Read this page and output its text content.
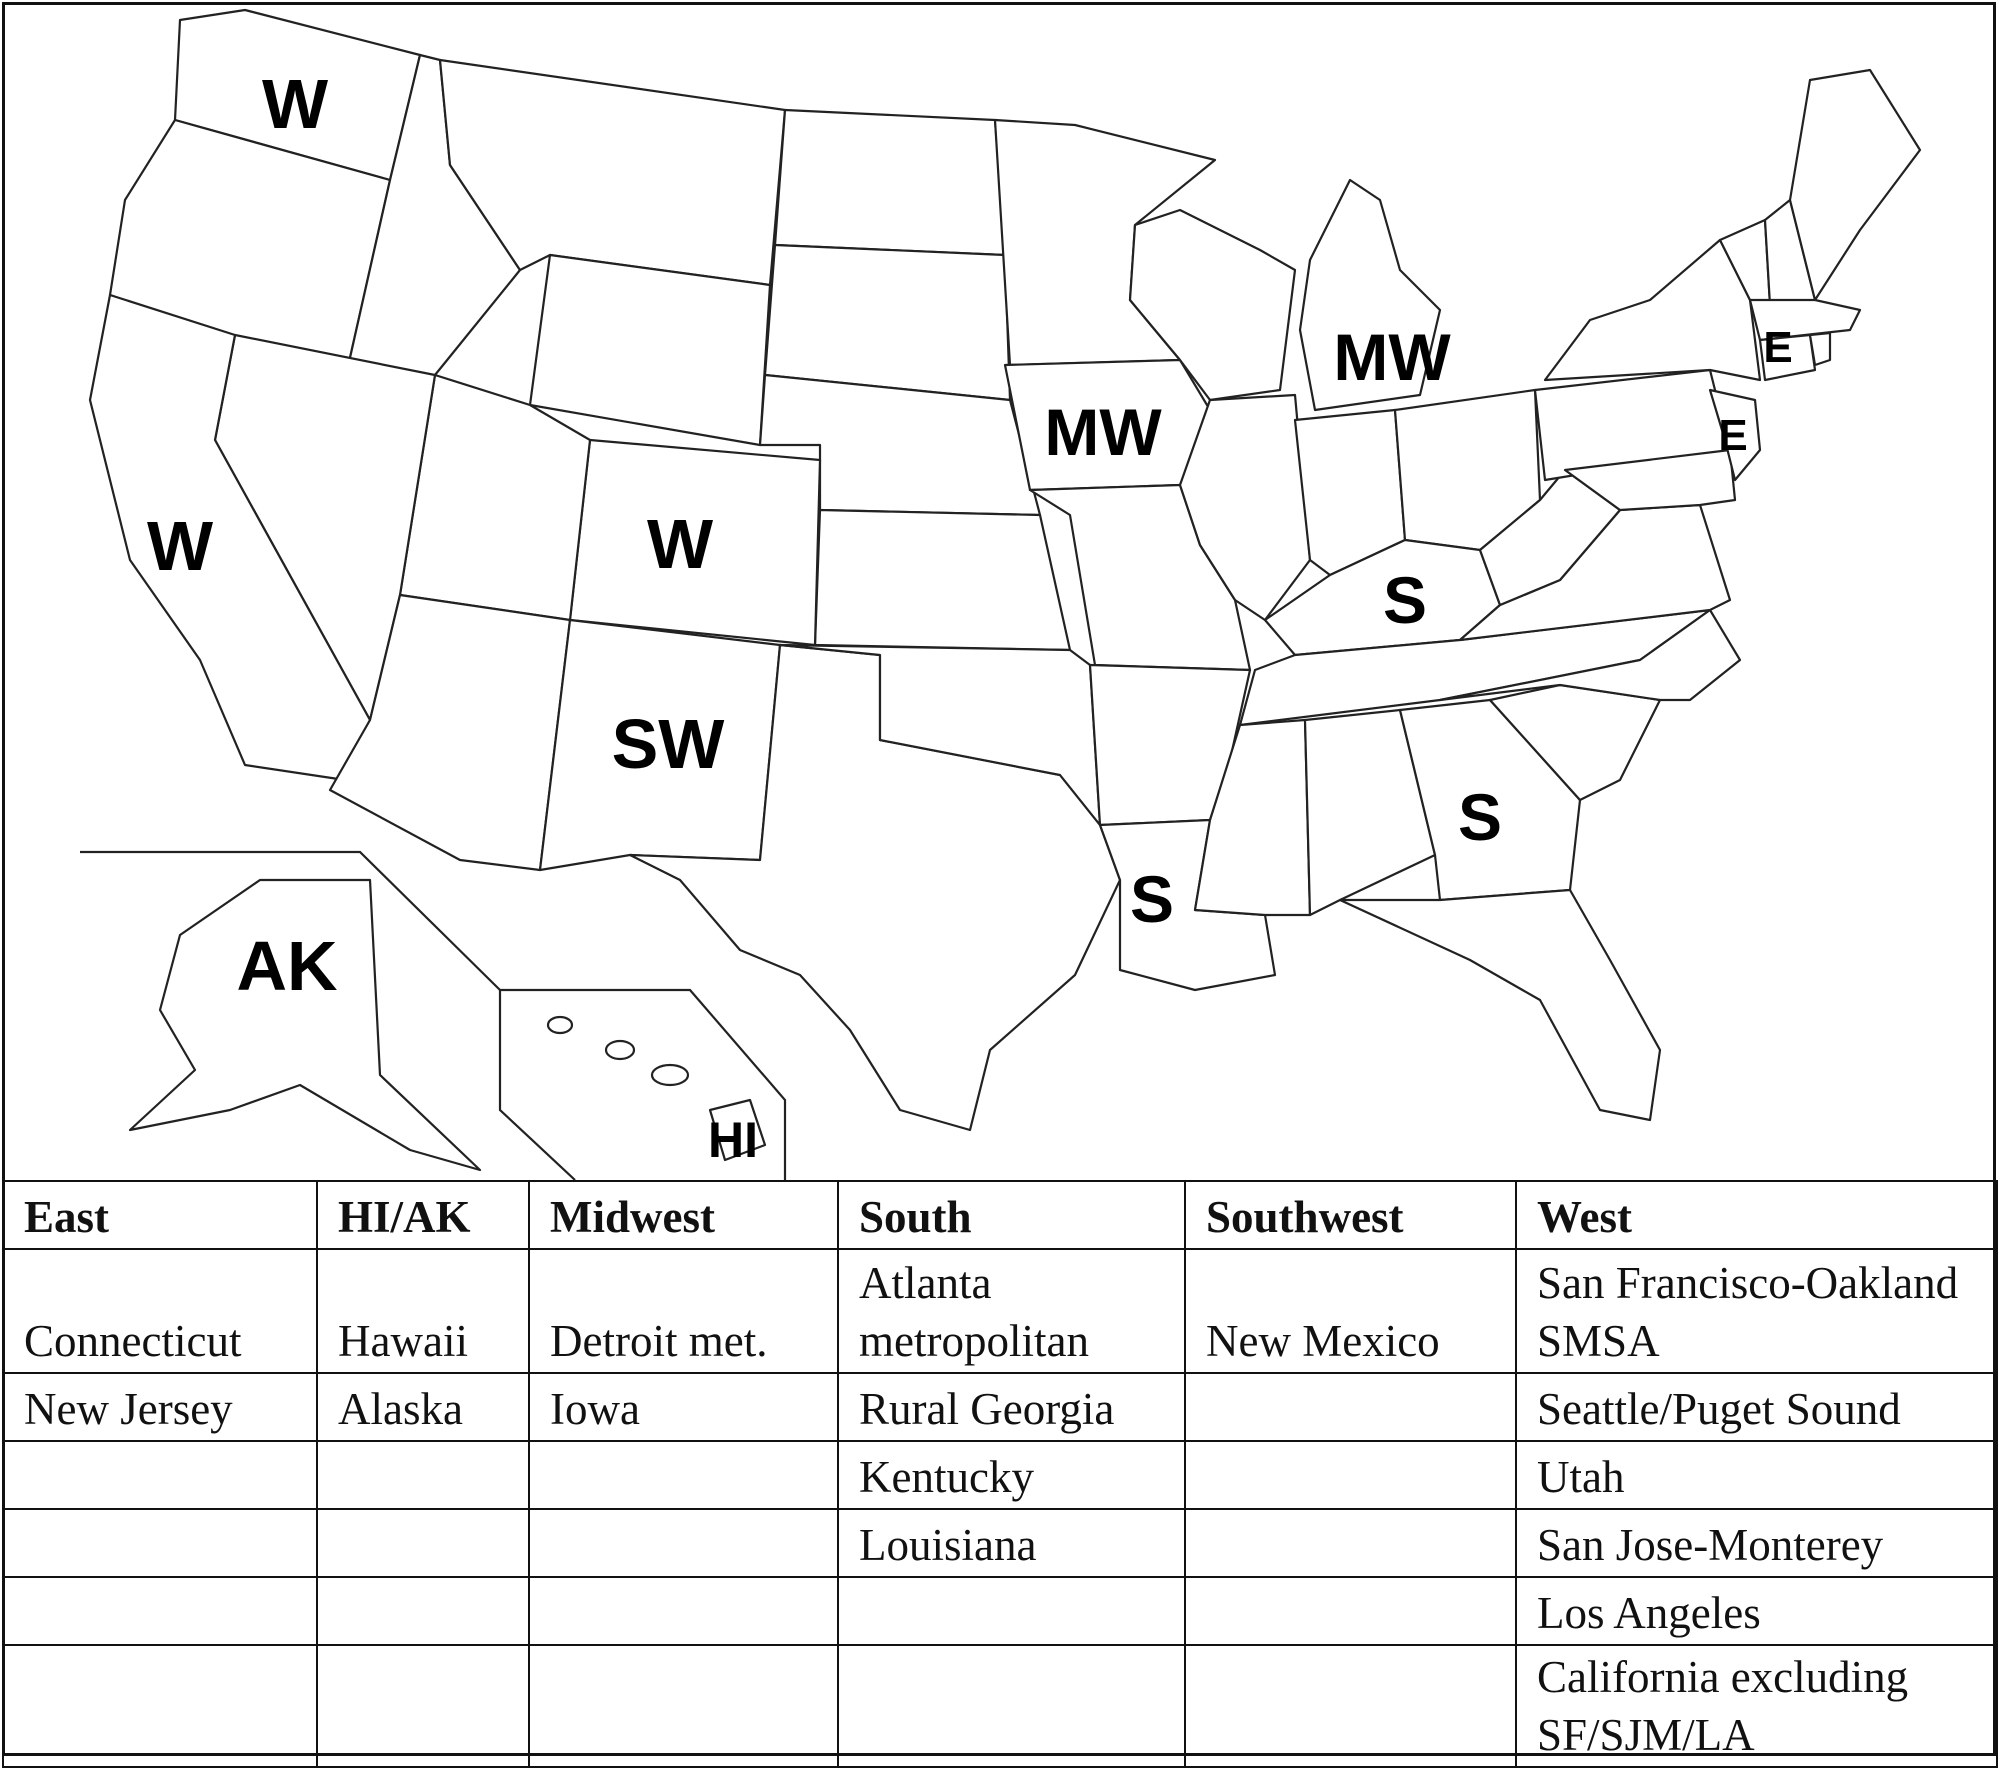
W
W	W
SW
MW
MW
S
S
S
E
E
AK
HI
East	HI/AK	Midwest	South	Southwest	West
Connecticut	Hawaii	Detroit met.	Atlanta metropolitan	New Mexico	San Francisco-Oakland SMSA
New Jersey	Alaska	Iowa	Rural Georgia		Seattle/Puget Sound
			Kentucky		Utah
			Louisiana		San Jose-Monterey
					Los Angeles
					California excluding SF/SJM/LA
